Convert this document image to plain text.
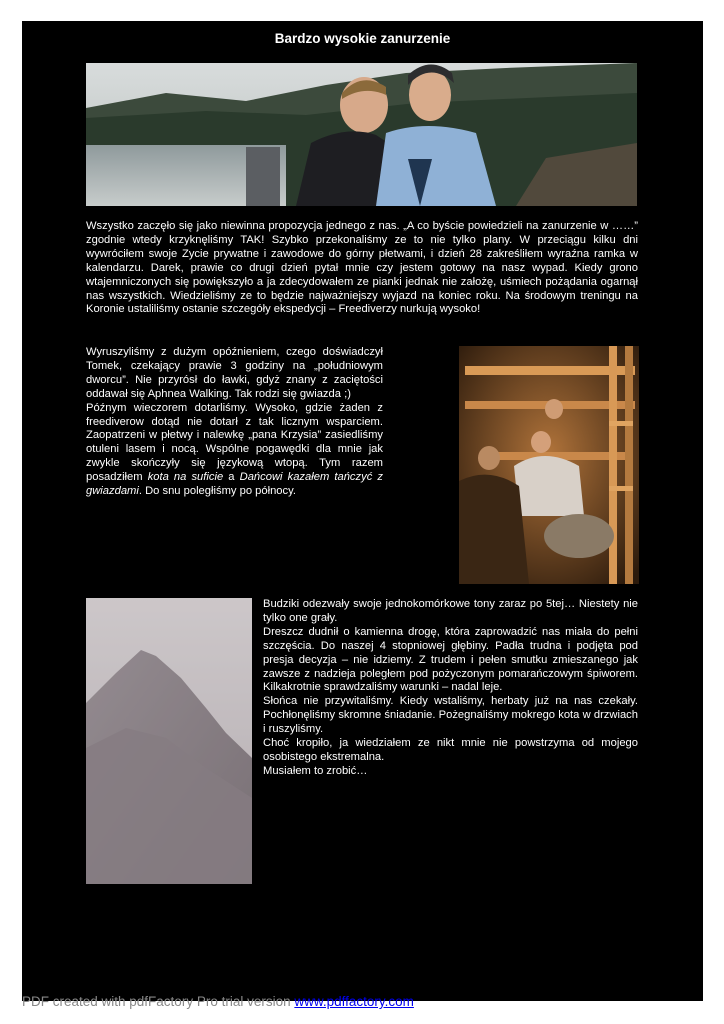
Bardzo wysokie zanurzenie
Wszystko zaczęło się jako niewinna propozycja jednego z nas. „A co byście powiedzieli na zanurzenie w ……” zgodnie wtedy krzyknęliśmy TAK! Szybko przekonaliśmy ze to nie tylko plany. W przeciągu kilku dni wywróciłem swoje Zycie prywatne i zawodowe do górny płetwami, i dzień 28 zakreśliłem wyraźna ramka w kalendarzu. Darek, prawie co drugi dzień pytał mnie czy jestem gotowy na nasz wypad. Kiedy grono wtajemniczonych się powiększyło a ja zdecydowałem ze pianki jednak nie założę, uśmiech pożądania ogarnął nas wszystkich. Wiedzieliśmy ze to będzie najważniejszy wyjazd na koniec roku. Na środowym treningu na Koronie ustaliliśmy ostanie szczegóły ekspedycji – Freediverzy nurkują wysoko!

Wyruszyliśmy z dużym opóźnieniem, czego doświadczył Tomek, czekający prawie 3 godziny na „południowym dworcu”. Nie przyrósł do ławki, gdyż znany z zaciętości oddawał się Aphnea Walking. Tak rodzi się gwiazda ;)

Późnym wieczorem dotarliśmy. Wysoko, gdzie żaden z freediverow dotąd nie dotarł z tak licznym wsparciem. Zaopatrzeni w płetwy i nalewkę „pana Krzysia” zasiedliśmy otuleni lasem i nocą. Wspólne pogawędki dla mnie jak zwykle skończyły się językową wtopą. Tym razem posadziłem kota na suficie a Dańcowi kazałem tańczyć z gwiazdami. Do snu poległiśmy po północy.

Budziki odezwały swoje jednokomórkowe tony zaraz po 5tej… Niestety nie tylko one grały.

Dreszcz dudnił o kamienna drogę, która zaprowadzić nas miała do pełni szczęścia. Do naszej 4 stopniowej głębiny. Padła trudna i podjęta pod presja decyzja – nie idziemy. Z trudem i pełen smutku zmieszanego jak zawsze z nadzieja poległem pod pożyczonym pomarańczowym śpiworem. Kilkakrotnie sprawdzaliśmy warunki – nadal leje.

Słońca nie przywitaliśmy. Kiedy wstaliśmy, herbaty już na nas czekały. Pochłonęliśmy skromne śniadanie. Pożegnaliśmy mokrego kota w drzwiach i ruszyliśmy.

Choć kropiło, ja wiedziałem ze nikt mnie nie powstrzyma od mojego osobistego ekstremalna.

Musiałem to zrobić…

PDF created with pdfFactory Pro trial version www.pdffactory.com
